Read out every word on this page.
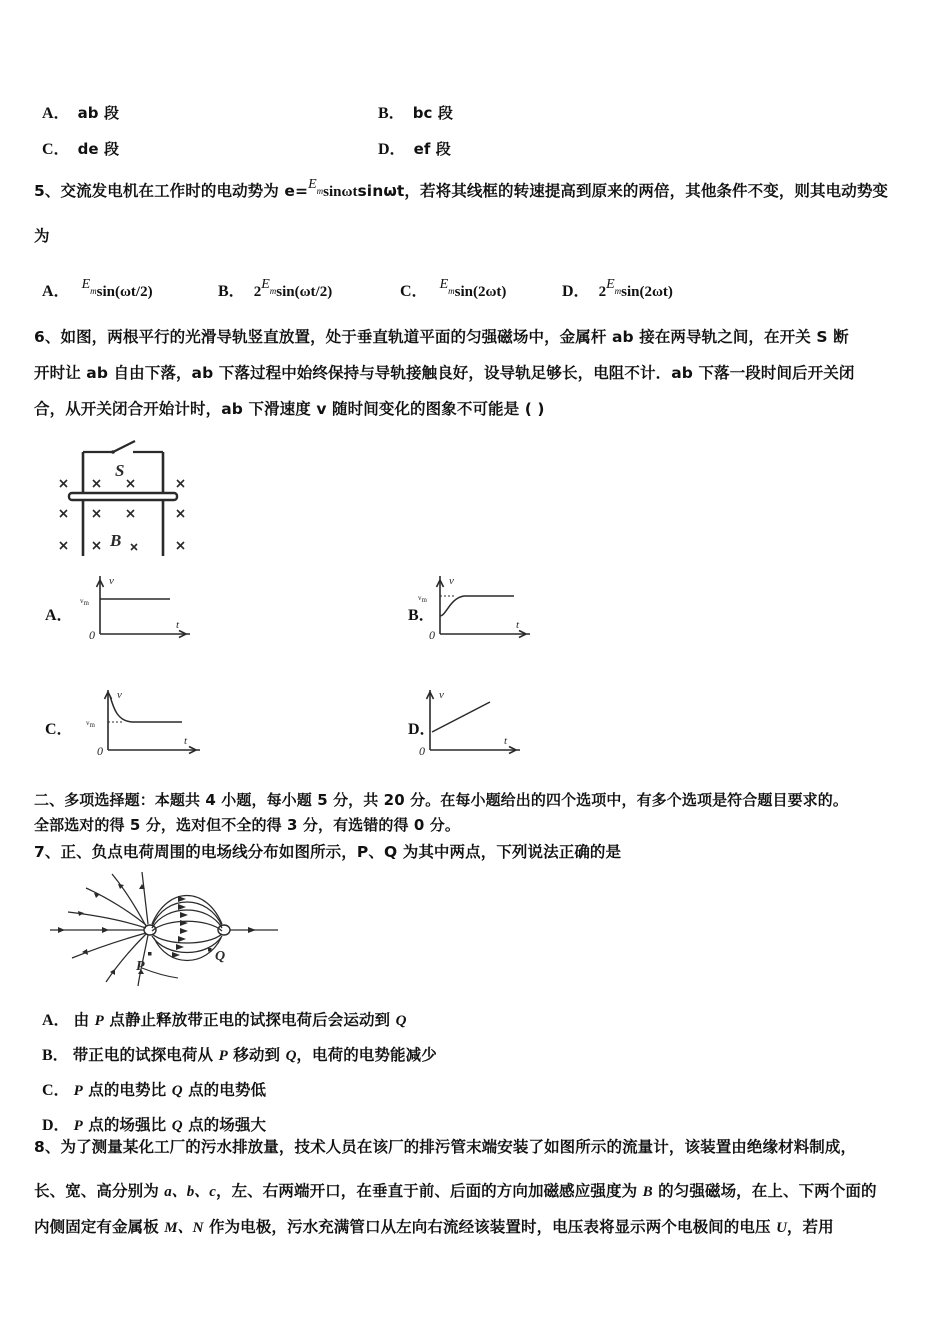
A． ab 段	B． bc 段
C． de 段	D． ef 段
5、交流发电机在工作时的电动势为 $e=E_m\sin\omega tsin\omega t$，若将其线框的转速提高到原来的两倍，其他条件不变，则其电动势变
为
A． $E_m\sin(\omega t/2)$	B． $2E_m\sin(\omega t/2)$	C． $E_m\sin(2\omega t)$	D． $2E_m\sin(2\omega t)$
6、如图，两根平行的光滑导轨竖直放置，处于垂直轨道平面的匀强磁场中，金属杆 ab 接在两导轨之间，在开关 S 断
开时让 ab 自由下落，ab 下落过程中始终保持与导轨接触良好，设导轨足够长，电阻不计．ab 下落一段时间后开关闭
合，从开关闭合开始计时，ab 下滑速度 v 随时间变化的图象不可能是 ( )
S
B
A．
v
t
0
$v_m$
B．
v
t
0
$v_m$
C．
v
t
0
$v_m$	D．
v
t
0
二、多项选择题：本题共 4 小题，每小题 5 分，共 20 分。在每小题给出的四个选项中，有多个选项是符合题目要求的。
全部选对的得 5 分，选对但不全的得 3 分，有选错的得 0 分。
7、正、负点电荷周围的电场线分布如图所示，P、Q 为其中两点，下列说法正确的是
P
Q
A． 由 P 点静止释放带正电的试探电荷后会运动到 Q
B． 带正电的试探电荷从 P 移动到 Q，电荷的电势能减少
C． P 点的电势比 Q 点的电势低
D． P 点的场强比 Q 点的场强大
8、为了测量某化工厂的污水排放量，技术人员在该厂的排污管末端安装了如图所示的流量计，该装置由绝缘材料制成，
长、宽、高分别为 a、b、c，左、右两端开口，在垂直于前、后面的方向加磁感应强度为 B 的匀强磁场，在上、下两个面的
内侧固定有金属板 M、N 作为电极，污水充满管口从左向右流经该装置时，电压表将显示两个电极间的电压 U，若用
